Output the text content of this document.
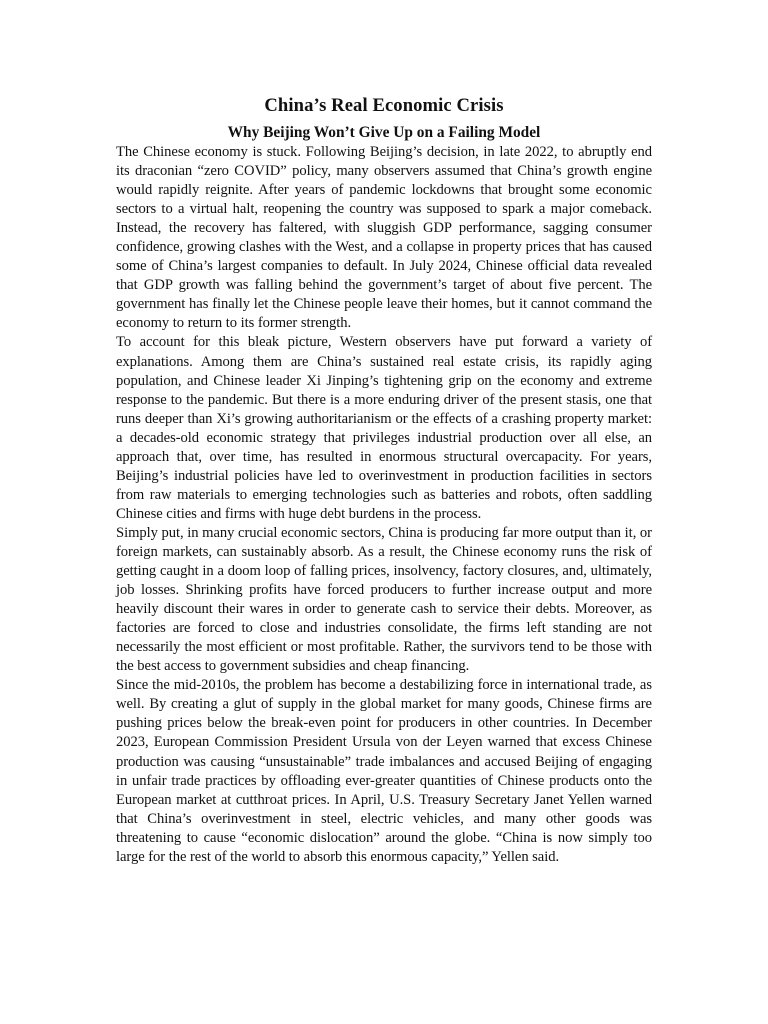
China’s Real Economic Crisis
Why Beijing Won’t Give Up on a Failing Model

The Chinese economy is stuck. Following Beijing’s decision, in late 2022, to abruptly end its draconian “zero COVID” policy, many observers assumed that China’s growth engine would rapidly reignite. After years of pandemic lockdowns that brought some economic sectors to a virtual halt, reopening the country was supposed to spark a major comeback. Instead, the recovery has faltered, with sluggish GDP performance, sagging consumer confidence, growing clashes with the West, and a collapse in property prices that has caused some of China’s largest companies to default. In July 2024, Chinese official data revealed that GDP growth was falling behind the government’s target of about five percent. The government has finally let the Chinese people leave their homes, but it cannot command the economy to return to its former strength.

To account for this bleak picture, Western observers have put forward a variety of explanations. Among them are China’s sustained real estate crisis, its rapidly aging population, and Chinese leader Xi Jinping’s tightening grip on the economy and extreme response to the pandemic. But there is a more enduring driver of the present stasis, one that runs deeper than Xi’s growing authoritarianism or the effects of a crashing property market: a decades-old economic strategy that privileges industrial production over all else, an approach that, over time, has resulted in enormous structural overcapacity. For years, Beijing’s industrial policies have led to overinvestment in production facilities in sectors from raw materials to emerging technologies such as batteries and robots, often saddling Chinese cities and firms with huge debt burdens in the process.

Simply put, in many crucial economic sectors, China is producing far more output than it, or foreign markets, can sustainably absorb. As a result, the Chinese economy runs the risk of getting caught in a doom loop of falling prices, insolvency, factory closures, and, ultimately, job losses. Shrinking profits have forced producers to further increase output and more heavily discount their wares in order to generate cash to service their debts. Moreover, as factories are forced to close and industries consolidate, the firms left standing are not necessarily the most efficient or most profitable. Rather, the survivors tend to be those with the best access to government subsidies and cheap financing.

Since the mid-2010s, the problem has become a destabilizing force in international trade, as well. By creating a glut of supply in the global market for many goods, Chinese firms are pushing prices below the break-even point for producers in other countries. In December 2023, European Commission President Ursula von der Leyen warned that excess Chinese production was causing “unsustainable” trade imbalances and accused Beijing of engaging in unfair trade practices by offloading ever-greater quantities of Chinese products onto the European market at cutthroat prices. In April, U.S. Treasury Secretary Janet Yellen warned that China’s overinvestment in steel, electric vehicles, and many other goods was threatening to cause “economic dislocation” around the globe. “China is now simply too large for the rest of the world to absorb this enormous capacity,” Yellen said.
